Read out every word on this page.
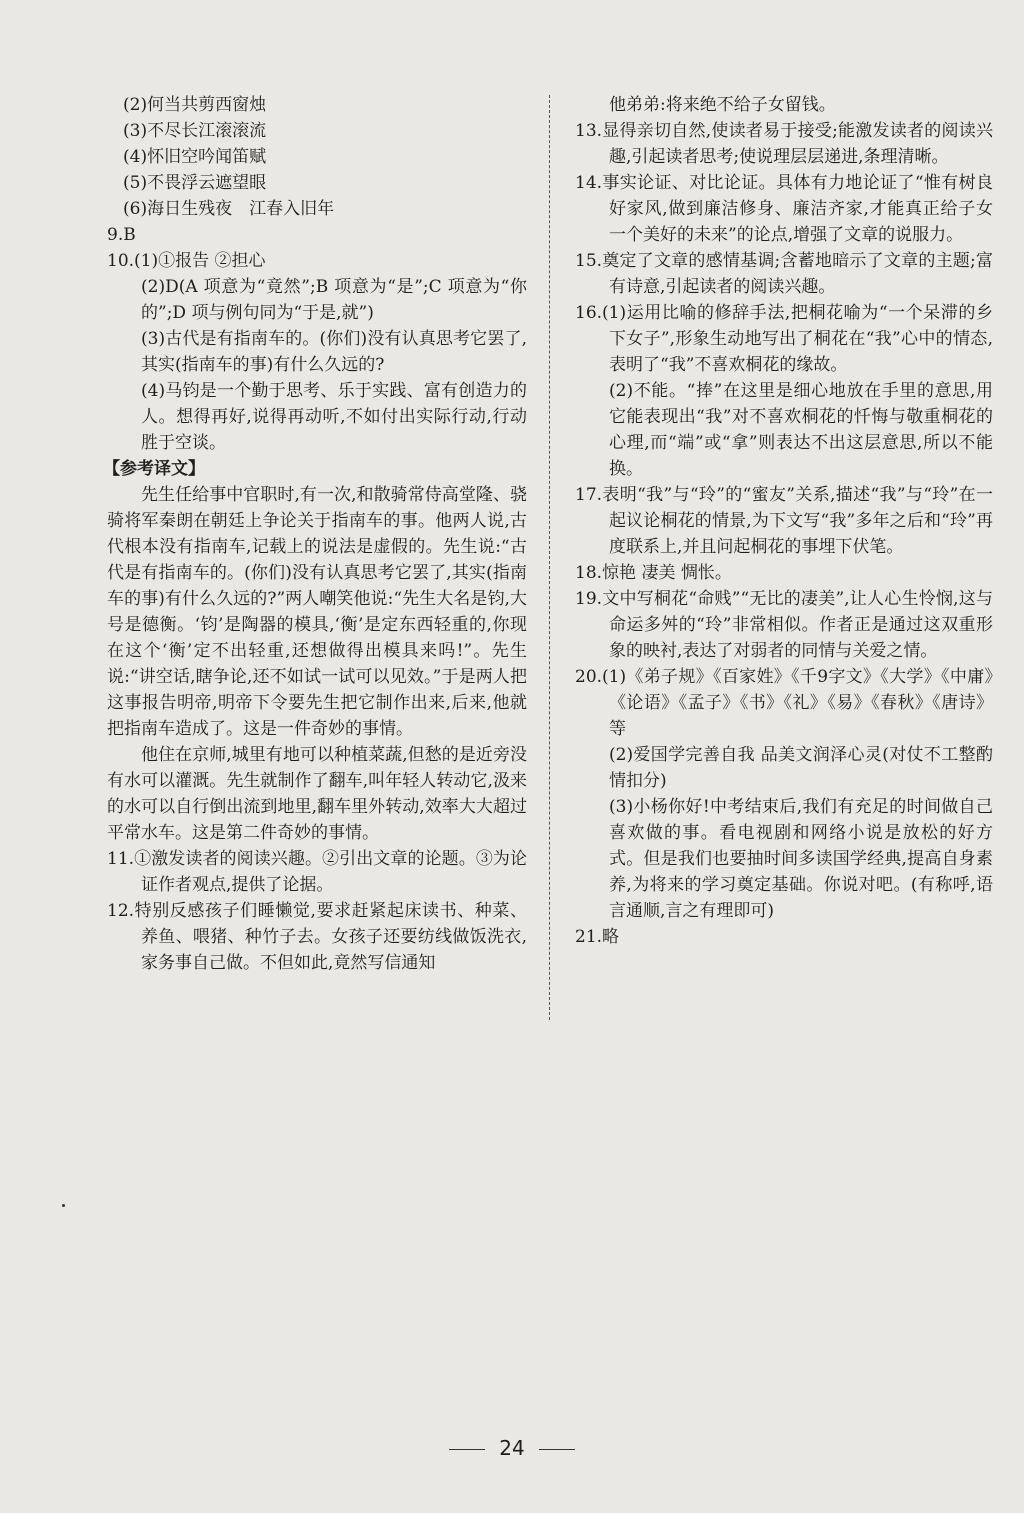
(2)何当共剪西窗烛

(3)不尽长江滚滚流

(4)怀旧空吟闻笛赋

(5)不畏浮云遮望眼

(6)海日生残夜　江春入旧年

9.B

10.(1)①报告 ②担心

(2)D(A 项意为“竟然”;B 项意为“是”;C 项意为“你的”;D 项与例句同为“于是,就”)

(3)古代是有指南车的。(你们)没有认真思考它罢了,其实(指南车的事)有什么久远的?

(4)马钧是一个勤于思考、乐于实践、富有创造力的人。想得再好,说得再动听,不如付出实际行动,行动胜于空谈。

【参考译文】

先生任给事中官职时,有一次,和散骑常侍高堂隆、骁骑将军秦朗在朝廷上争论关于指南车的事。他两人说,古代根本没有指南车,记载上的说法是虚假的。先生说:“古代是有指南车的。(你们)没有认真思考它罢了,其实(指南车的事)有什么久远的?”两人嘲笑他说:“先生大名是钧,大号是德衡。‘钧’是陶器的模具,‘衡’是定东西轻重的,你现在这个‘衡’定不出轻重,还想做得出模具来吗!”。先生说:“讲空话,瞎争论,还不如试一试可以见效。”于是两人把这事报告明帝,明帝下令要先生把它制作出来,后来,他就把指南车造成了。这是一件奇妙的事情。

他住在京师,城里有地可以种植菜蔬,但愁的是近旁没有水可以灌溉。先生就制作了翻车,叫年轻人转动它,汲来的水可以自行倒出流到地里,翻车里外转动,效率大大超过平常水车。这是第二件奇妙的事情。

11.①激发读者的阅读兴趣。②引出文章的论题。③为论证作者观点,提供了论据。

12.特别反感孩子们睡懒觉,要求赶紧起床读书、种菜、养鱼、喂猪、种竹子去。女孩子还要纺线做饭洗衣,家务事自己做。不但如此,竟然写信通知

他弟弟:将来绝不给子女留钱。

13.显得亲切自然,使读者易于接受;能激发读者的阅读兴趣,引起读者思考;使说理层层递进,条理清晰。

14.事实论证、对比论证。具体有力地论证了“惟有树良好家风,做到廉洁修身、廉洁齐家,才能真正给子女一个美好的未来”的论点,增强了文章的说服力。

15.奠定了文章的感情基调;含蓄地暗示了文章的主题;富有诗意,引起读者的阅读兴趣。

16.(1)运用比喻的修辞手法,把桐花喻为“一个呆滞的乡下女子”,形象生动地写出了桐花在“我”心中的情态,表明了“我”不喜欢桐花的缘故。

(2)不能。“捧”在这里是细心地放在手里的意思,用它能表现出“我”对不喜欢桐花的忏悔与敬重桐花的心理,而“端”或“拿”则表达不出这层意思,所以不能换。

17.表明“我”与“玲”的“蜜友”关系,描述“我”与“玲”在一起议论桐花的情景,为下文写“我”多年之后和“玲”再度联系上,并且问起桐花的事埋下伏笔。

18.惊艳 凄美 惆怅。

19.文中写桐花“命贱”“无比的凄美”,让人心生怜悯,这与命运多舛的“玲”非常相似。作者正是通过这双重形象的映衬,表达了对弱者的同情与关爱之情。

20.(1)《弟子规》《百家姓》《千9字文》《大学》《中庸》《论语》《孟子》《书》《礼》《易》《春秋》《唐诗》等

(2)爱国学完善自我 品美文润泽心灵(对仗不工整酌情扣分)

(3)小杨你好!中考结束后,我们有充足的时间做自己喜欢做的事。看电视剧和网络小说是放松的好方式。但是我们也要抽时间多读国学经典,提高自身素养,为将来的学习奠定基础。你说对吧。(有称呼,语言通顺,言之有理即可)

21.略

24
